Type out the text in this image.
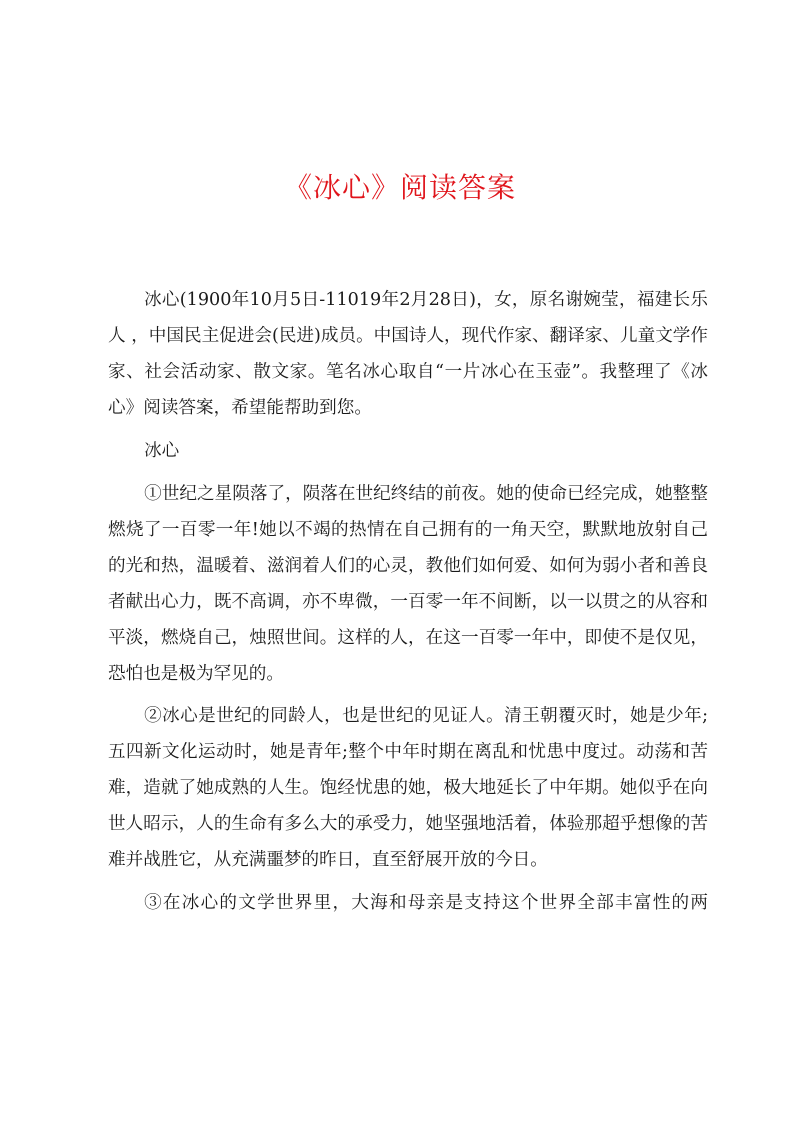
《冰心》阅读答案

冰心(1900年10月5日-11019年2月28日)，女，原名谢婉莹，福建长乐人 ，中国民主促进会(民进)成员。中国诗人，现代作家、翻译家、儿童文学作家、社会活动家、散文家。笔名冰心取自“一片冰心在玉壶”。我整理了《冰心》阅读答案，希望能帮助到您。

冰心

①世纪之星陨落了，陨落在世纪终结的前夜。她的使命已经完成，她整整燃烧了一百零一年!她以不竭的热情在自己拥有的一角天空，默默地放射自己的光和热，温暖着、滋润着人们的心灵，教他们如何爱、如何为弱小者和善良者献出心力，既不高调，亦不卑微，一百零一年不间断，以一以贯之的从容和平淡，燃烧自己，烛照世间。这样的人，在这一百零一年中，即使不是仅见，恐怕也是极为罕见的。

②冰心是世纪的同龄人，也是世纪的见证人。清王朝覆灭时，她是少年;五四新文化运动时，她是青年;整个中年时期在离乱和忧患中度过。动荡和苦难，造就了她成熟的人生。饱经忧患的她，极大地延长了中年期。她似乎在向世人昭示，人的生命有多么大的承受力，她坚强地活着，体验那超乎想像的苦难并战胜它，从充满噩梦的昨日，直至舒展开放的今日。

③在冰心的文学世界里，大海和母亲是支持这个世界全部丰富性的两
